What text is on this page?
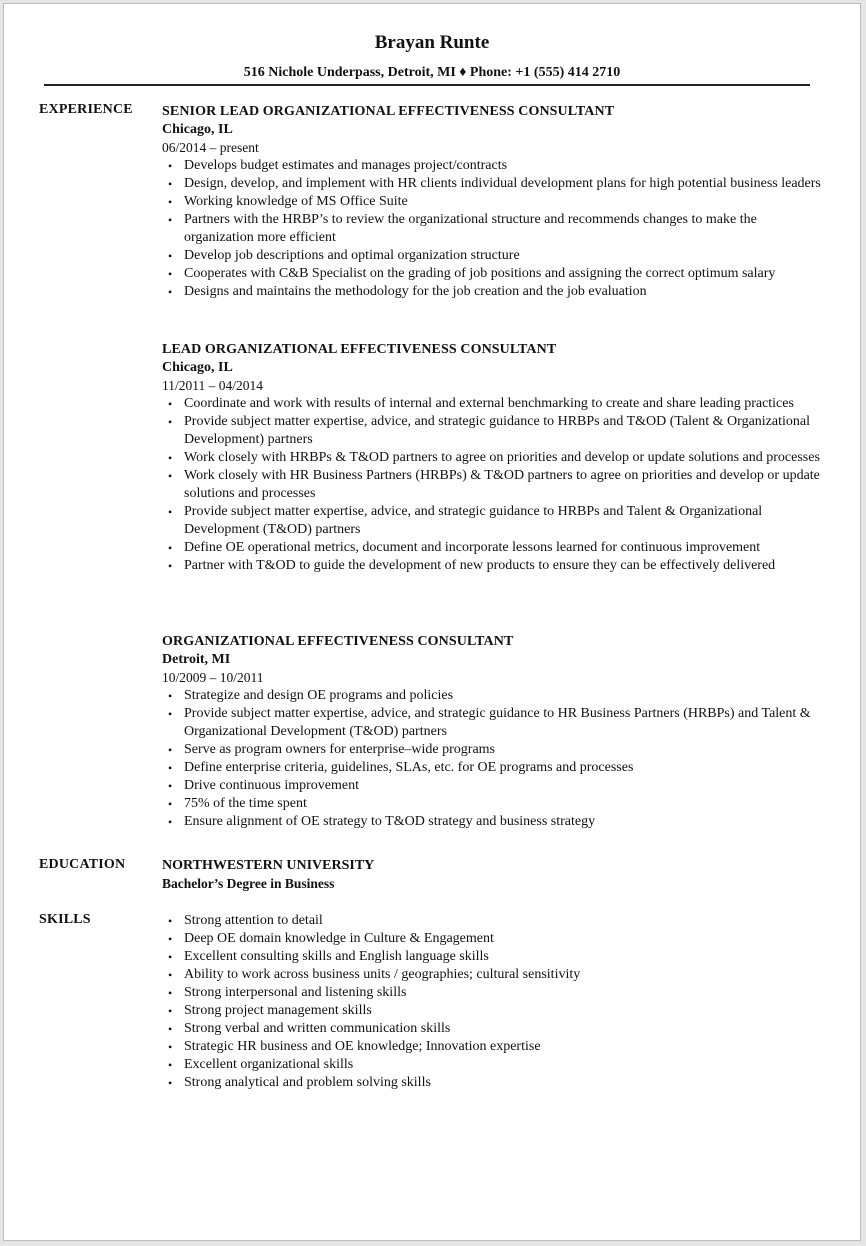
Brayan Runte
516 Nichole Underpass, Detroit, MI ♦ Phone: +1 (555) 414 2710
EXPERIENCE SENIOR LEAD ORGANIZATIONAL EFFECTIVENESS CONSULTANT
Chicago, IL
06/2014 – present
• Develops budget estimates and manages project/contracts
• Design, develop, and implement with HR clients individual development plans for high potential business leaders
• Working knowledge of MS Office Suite
• Partners with the HRBP’s to review the organizational structure and recommends changes to make the organization more efficient
• Develop job descriptions and optimal organization structure
• Cooperates with C&B Specialist on the grading of job positions and assigning the correct optimum salary
• Designs and maintains the methodology for the job creation and the job evaluation
LEAD ORGANIZATIONAL EFFECTIVENESS CONSULTANT
Chicago, IL
11/2011 – 04/2014
• Coordinate and work with results of internal and external benchmarking to create and share leading practices
• Provide subject matter expertise, advice, and strategic guidance to HRBPs and T&OD (Talent & Organizational Development) partners
• Work closely with HRBPs & T&OD partners to agree on priorities and develop or update solutions and processes
• Work closely with HR Business Partners (HRBPs) & T&OD partners to agree on priorities and develop or update solutions and processes
• Provide subject matter expertise, advice, and strategic guidance to HRBPs and Talent & Organizational Development (T&OD) partners
• Define OE operational metrics, document and incorporate lessons learned for continuous improvement
• Partner with T&OD to guide the development of new products to ensure they can be effectively delivered
ORGANIZATIONAL EFFECTIVENESS CONSULTANT
Detroit, MI
10/2009 – 10/2011
• Strategize and design OE programs and policies
• Provide subject matter expertise, advice, and strategic guidance to HR Business Partners (HRBPs) and Talent & Organizational Development (T&OD) partners
• Serve as program owners for enterprise–wide programs
• Define enterprise criteria, guidelines, SLAs, etc. for OE programs and processes
• Drive continuous improvement
• 75% of the time spent
• Ensure alignment of OE strategy to T&OD strategy and business strategy
EDUCATION	NORTHWESTERN UNIVERSITY
Bachelor’s Degree in Business
SKILLS
•	Strong attention to detail
• Deep OE domain knowledge in Culture & Engagement
• Excellent consulting skills and English language skills
• Ability to work across business units / geographies; cultural sensitivity
• Strong interpersonal and listening skills
• Strong project management skills
• Strong verbal and written communication skills
• Strategic HR business and OE knowledge; Innovation expertise
• Excellent organizational skills
• Strong analytical and problem solving skills
